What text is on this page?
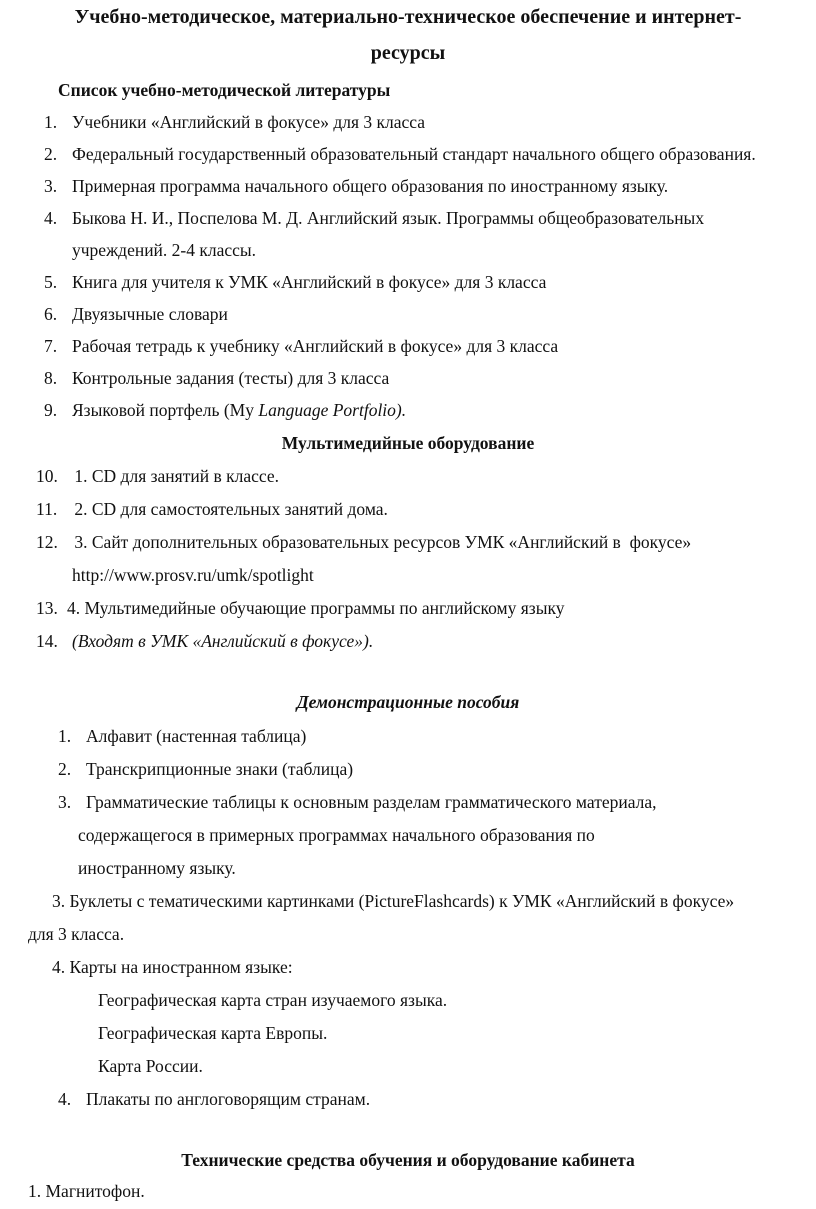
Учебно-методическое, материально-техническое обеспечение и интернет-
ресурсы
Список учебно-методической литературы
1. Учебники «Английский в фокусе» для 3 класса
2. Федеральный государственный образовательный стандарт начального общего образования.
3. Примерная программа начального общего образования по иностранному языку.
4. Быкова Н. И., Поспелова М. Д. Английский язык. Программы общеобразовательных
учреждений. 2-4 классы.
5. Книга для учителя к УМК «Английский в фокусе» для 3 класса
6. Двуязычные словари
7. Рабочая тетрадь к учебнику «Английский в фокусе» для 3 класса
8. Контрольные задания (тесты) для 3 класса
9. Языковой портфель (My Language Portfolio).
Мультимедийные оборудование
10. 1. CD для занятий в классе.
11. 2. CD для самостоятельных занятий дома.
12. 3. Сайт дополнительных образовательных ресурсов УМК «Английский в  фокусе»
http://www.prosv.ru/umk/spotlight
13. 4. Мультимедийные обучающие программы по английскому языку
14. (Входят в УМК «Английский в фокусе»).
Демонстрационные пособия
1. Алфавит (настенная таблица)
2. Транскрипционные знаки (таблица)
3. Грамматические таблицы к основным разделам грамматического материала,
содержащегося в примерных программах начального образования по
иностранному языку.
3. Буклеты с тематическими картинками (PictureFlashcards) к УМК «Английский в фокусе»
для 3 класса.
4. Карты на иностранном языке:
Географическая карта стран изучаемого языка.
Географическая карта Европы.
Карта России.
4. Плакаты по англоговорящим странам.
Технические средства обучения и оборудование кабинета
1. Магнитофон.
